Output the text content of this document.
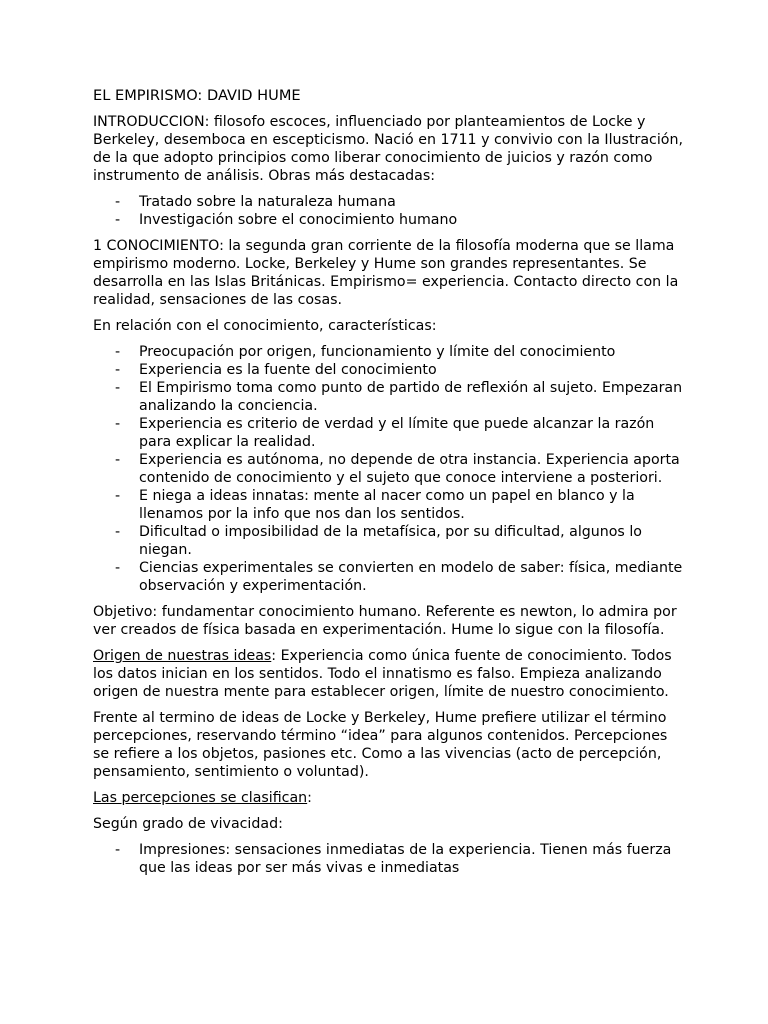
EL EMPIRISMO: DAVID HUME

INTRODUCCION: filosofo escoces, influenciado por planteamientos de Locke y Berkeley, desemboca en escepticismo. Nació en 1711 y convivio con la Ilustración, de la que adopto principios como liberar conocimiento de juicios y razón como instrumento de análisis. Obras más destacadas:

- Tratado sobre la naturaleza humana
- Investigación sobre el conocimiento humano

1 CONOCIMIENTO: la segunda gran corriente de la filosofía moderna que se llama empirismo moderno. Locke, Berkeley y Hume son grandes representantes. Se desarrolla en las Islas Británicas. Empirismo= experiencia. Contacto directo con la realidad, sensaciones de las cosas.

En relación con el conocimiento, características:

- Preocupación por origen, funcionamiento y límite del conocimiento
- Experiencia es la fuente del conocimiento
- El Empirismo toma como punto de partido de reflexión al sujeto. Empezaran analizando la conciencia.
- Experiencia es criterio de verdad y el límite que puede alcanzar la razón para explicar la realidad.
- Experiencia es autónoma, no depende de otra instancia. Experiencia aporta contenido de conocimiento y el sujeto que conoce interviene a posteriori.
- E niega a ideas innatas: mente al nacer como un papel en blanco y la llenamos por la info que nos dan los sentidos.
- Dificultad o imposibilidad de la metafísica, por su dificultad, algunos lo niegan.
- Ciencias experimentales se convierten en modelo de saber: física, mediante observación y experimentación.

Objetivo: fundamentar conocimiento humano. Referente es newton, lo admira por ver creados de física basada en experimentación. Hume lo sigue con la filosofía.

Origen de nuestras ideas: Experiencia como única fuente de conocimiento. Todos los datos inician en los sentidos. Todo el innatismo es falso. Empieza analizando origen de nuestra mente para establecer origen, límite de nuestro conocimiento.

Frente al termino de ideas de Locke y Berkeley, Hume prefiere utilizar el término percepciones, reservando término “idea” para algunos contenidos. Percepciones se refiere a los objetos, pasiones etc. Como a las vivencias (acto de percepción, pensamiento, sentimiento o voluntad).

Las percepciones se clasifican:

Según grado de vivacidad:

- Impresiones: sensaciones inmediatas de la experiencia. Tienen más fuerza que las ideas por ser más vivas e inmediatas
